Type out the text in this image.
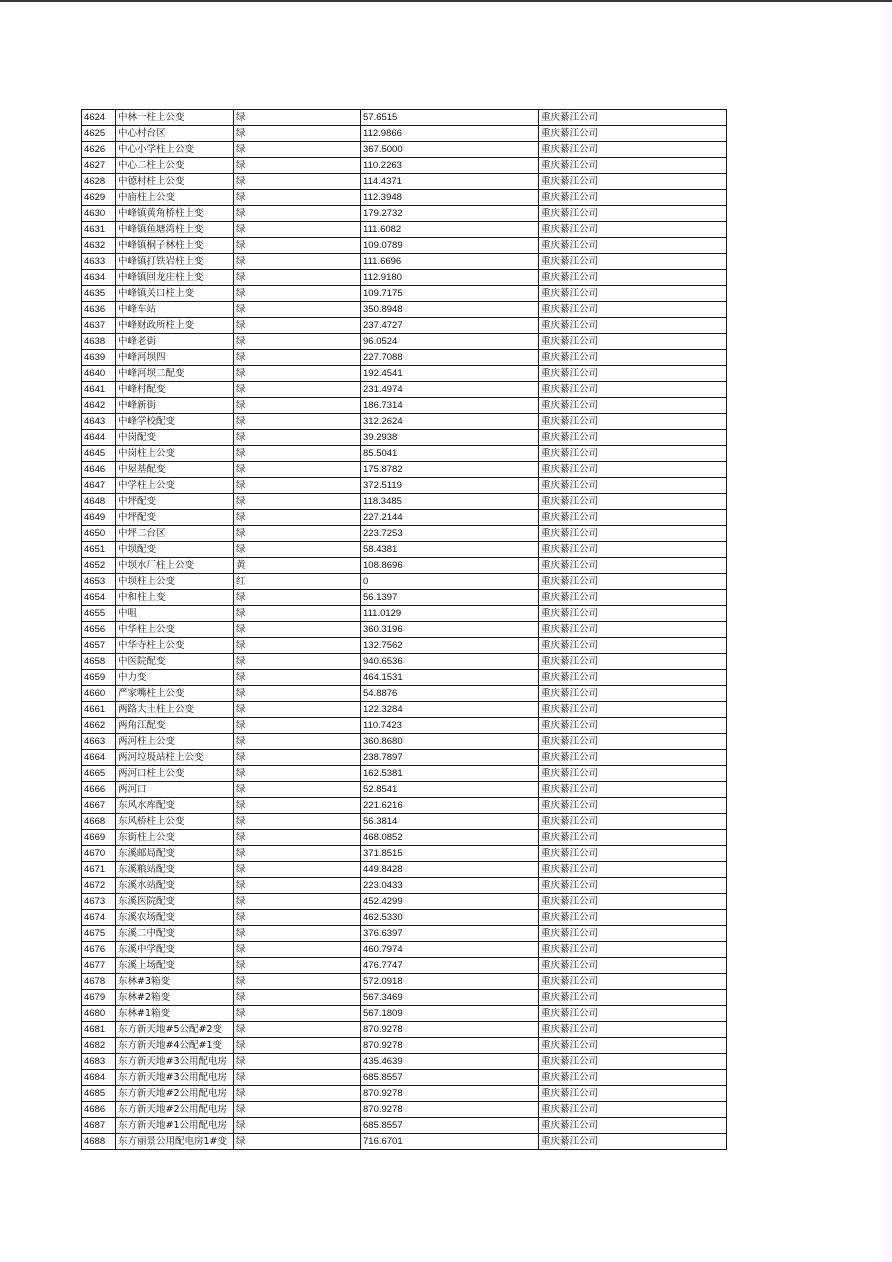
4624	中林一柱上公变	绿	57.6515	重庆綦江公司
4625	中心村台区	绿	112.9866	重庆綦江公司
4626	中心小学柱上公变	绿	367.5000	重庆綦江公司
4627	中心二柱上公变	绿	110.2263	重庆綦江公司
4628	中德村柱上公变	绿	114.4371	重庆綦江公司
4629	中庙柱上公变	绿	112.3948	重庆綦江公司
4630	中峰镇黄角桥柱上变	绿	179.2732	重庆綦江公司
4631	中峰镇鱼塘湾柱上变	绿	111.6082	重庆綦江公司
4632	中峰镇桐子林柱上变	绿	109.0789	重庆綦江公司
4633	中峰镇打铁岩柱上变	绿	111.6696	重庆綦江公司
4634	中峰镇回龙庄柱上变	绿	112.9180	重庆綦江公司
4635	中峰镇关口柱上变	绿	109.7175	重庆綦江公司
4636	中峰车站	绿	350.8948	重庆綦江公司
4637	中峰财政所柱上变	绿	237.4727	重庆綦江公司
4638	中峰老街	绿	96.0524	重庆綦江公司
4639	中峰河坝四	绿	227.7088	重庆綦江公司
4640	中峰河坝二配变	绿	192.4541	重庆綦江公司
4641	中峰村配变	绿	231.4974	重庆綦江公司
4642	中峰新街	绿	186.7314	重庆綦江公司
4643	中峰学校配变	绿	312.2624	重庆綦江公司
4644	中岗配变	绿	39.2938	重庆綦江公司
4645	中岗柱上公变	绿	85.5041	重庆綦江公司
4646	中屋基配变	绿	175.8782	重庆綦江公司
4647	中学柱上公变	绿	372.5119	重庆綦江公司
4648	中坪配变	绿	118.3485	重庆綦江公司
4649	中坪配变	绿	227.2144	重庆綦江公司
4650	中坪二台区	绿	223.7253	重庆綦江公司
4651	中坝配变	绿	58.4381	重庆綦江公司
4652	中坝水厂柱上公变	黄	108.8696	重庆綦江公司
4653	中坝柱上公变	红	0	重庆綦江公司
4654	中和柱上变	绿	56.1397	重庆綦江公司
4655	中咀	绿	111.0129	重庆綦江公司
4656	中华柱上公变	绿	360.3196	重庆綦江公司
4657	中华寺柱上公变	绿	132.7562	重庆綦江公司
4658	中医院配变	绿	940.6536	重庆綦江公司
4659	中力变	绿	464.1531	重庆綦江公司
4660	严家嘴柱上公变	绿	54.8876	重庆綦江公司
4661	两路大土柱上公变	绿	122.3284	重庆綦江公司
4662	两角江配变	绿	110.7423	重庆綦江公司
4663	两河柱上公变	绿	360.8680	重庆綦江公司
4664	两河垃圾站柱上公变	绿	238.7897	重庆綦江公司
4665	两河口柱上公变	绿	162.5381	重庆綦江公司
4666	两河口	绿	52.8541	重庆綦江公司
4667	东风水库配变	绿	221.6216	重庆綦江公司
4668	东风桥柱上公变	绿	56.3814	重庆綦江公司
4669	东街柱上公变	绿	468.0852	重庆綦江公司
4670	东溪邮局配变	绿	371.8515	重庆綦江公司
4671	东溪粮站配变	绿	449.8428	重庆綦江公司
4672	东溪水站配变	绿	223.0433	重庆綦江公司
4673	东溪医院配变	绿	452.4299	重庆綦江公司
4674	东溪农场配变	绿	462.5330	重庆綦江公司
4675	东溪二中配变	绿	376.6397	重庆綦江公司
4676	东溪中学配变	绿	460.7974	重庆綦江公司
4677	东溪上场配变	绿	476.7747	重庆綦江公司
4678	东林#3箱变	绿	572.0918	重庆綦江公司
4679	东林#2箱变	绿	567.3469	重庆綦江公司
4680	东林#1箱变	绿	567.1809	重庆綦江公司
4681	东方新天地#5公配#2变	绿	870.9278	重庆綦江公司
4682	东方新天地#4公配#1变	绿	870.9278	重庆綦江公司
4683	东方新天地#3公用配电房	绿	435.4639	重庆綦江公司
4684	东方新天地#3公用配电房	绿	685.8557	重庆綦江公司
4685	东方新天地#2公用配电房	绿	870.9278	重庆綦江公司
4686	东方新天地#2公用配电房	绿	870.9278	重庆綦江公司
4687	东方新天地#1公用配电房	绿	685.8557	重庆綦江公司
4688	东方丽景公用配电房1#变	绿	716.6701	重庆綦江公司
